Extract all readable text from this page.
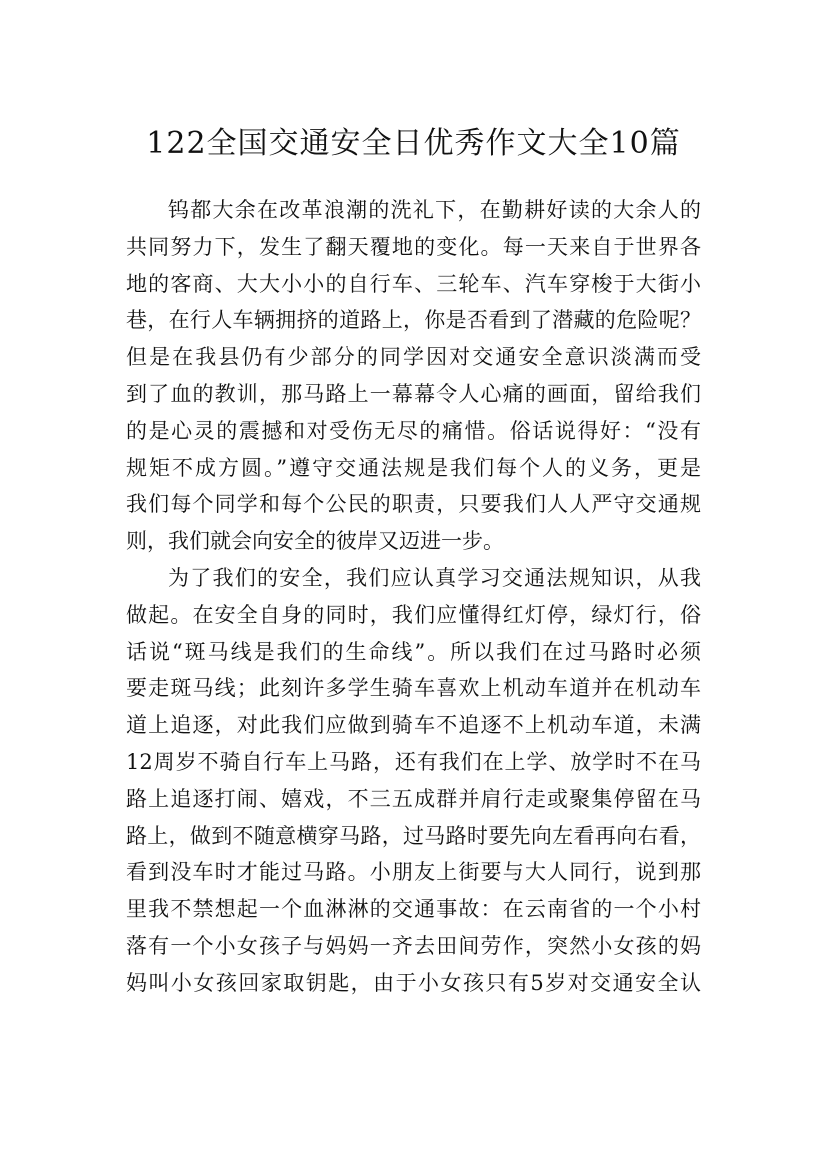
122全国交通安全日优秀作文大全10篇
钨都大余在改革浪潮的洗礼下，在勤耕好读的大余人的
共同努力下，发生了翻天覆地的变化。每一天来自于世界各
地的客商、大大小小的自行车、三轮车、汽车穿梭于大街小
巷，在行人车辆拥挤的道路上，你是否看到了潜藏的危险呢？
但是在我县仍有少部分的同学因对交通安全意识淡满而受
到了血的教训，那马路上一幕幕令人心痛的画面，留给我们
的是心灵的震撼和对受伤无尽的痛惜。俗话说得好：“没有
规矩不成方圆。”遵守交通法规是我们每个人的义务，更是
我们每个同学和每个公民的职责，只要我们人人严守交通规
则，我们就会向安全的彼岸又迈进一步。
为了我们的安全，我们应认真学习交通法规知识，从我
做起。在安全自身的同时，我们应懂得红灯停，绿灯行，俗
话说“斑马线是我们的生命线”。所以我们在过马路时必须
要走斑马线；此刻许多学生骑车喜欢上机动车道并在机动车
道上追逐，对此我们应做到骑车不追逐不上机动车道，未满
12周岁不骑自行车上马路，还有我们在上学、放学时不在马
路上追逐打闹、嬉戏，不三五成群并肩行走或聚集停留在马
路上，做到不随意横穿马路，过马路时要先向左看再向右看，
看到没车时才能过马路。小朋友上街要与大人同行，说到那
里我不禁想起一个血淋淋的交通事故：在云南省的一个小村
落有一个小女孩子与妈妈一齐去田间劳作，突然小女孩的妈
妈叫小女孩回家取钥匙，由于小女孩只有5岁对交通安全认
